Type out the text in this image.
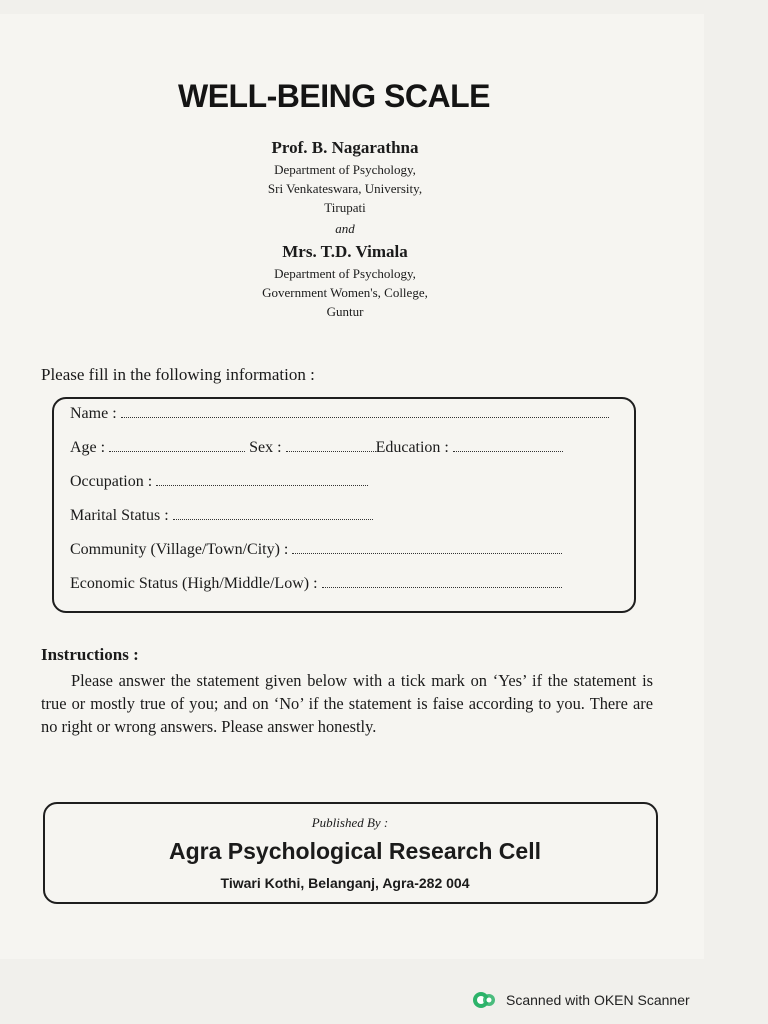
WELL-BEING SCALE
Prof. B. Nagarathna
Department of Psychology,
Sri Venkateswara, University,
Tirupati
and
Mrs. T.D. Vimala
Department of Psychology,
Government Women's, College,
Guntur
Please fill in the following information :
Name :
Age :	Sex :	Education :
Occupation :
Marital Status :
Community (Village/Town/City) :
Economic Status (High/Middle/Low) :
Instructions :
Please answer the statement given below with a tick mark on ‘Yes’ if the statement is true or mostly true of you; and on ‘No’ if the statement is faise according to you. There are no right or wrong answers. Please answer honestly.
Published By :
Agra Psychological Research Cell
Tiwari Kothi, Belanganj, Agra-282 004
Scanned with OKEN Scanner
